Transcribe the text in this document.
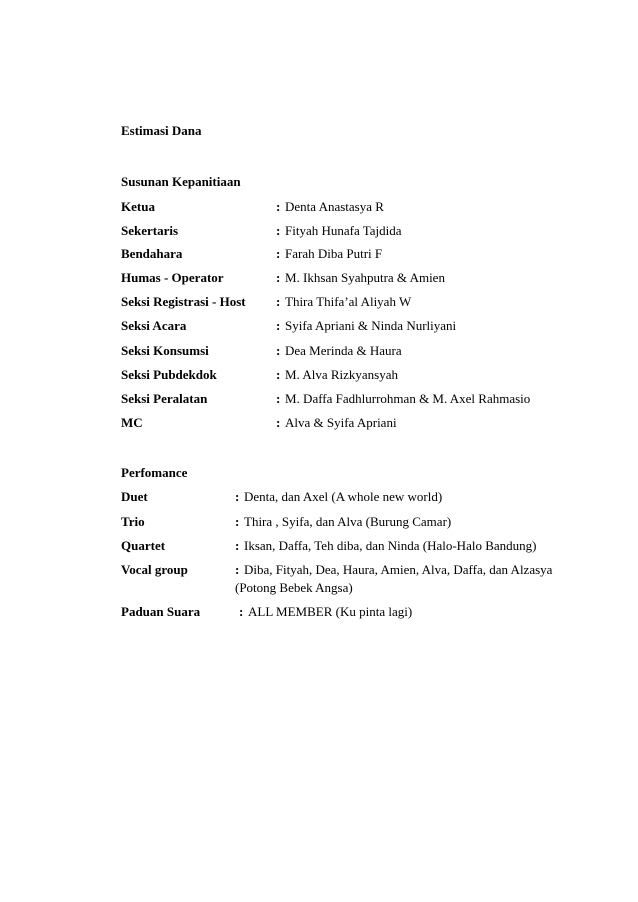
Estimasi Dana
Susunan Kepanitiaan
Ketua	: Denta Anastasya R
Sekertaris	: Fityah Hunafa Tajdida
Bendahara	: Farah Diba Putri F
Humas - Operator	: M. Ikhsan Syahputra & Amien
Seksi Registrasi - Host : Thira Thifa’al Aliyah W
Seksi Acara	: Syifa Apriani & Ninda Nurliyani
Seksi Konsumsi	: Dea Merinda & Haura
Seksi Pubdekdok	: M. Alva Rizkyansyah
Seksi Peralatan	: M. Daffa Fadhlurrohman & M. Axel Rahmasio
MC	: Alva & Syifa Apriani
Perfomance
Duet	: Denta, dan Axel (A whole new world)
Trio	: Thira , Syifa, dan Alva (Burung Camar)
Quartet	: Iksan, Daffa, Teh diba, dan Ninda (Halo-Halo Bandung)
Vocal group	: Diba, Fityah, Dea, Haura, Amien, Alva, Daffa, dan Alzasya
(Potong Bebek Angsa)
Paduan Suara	: ALL MEMBER (Ku pinta lagi)
